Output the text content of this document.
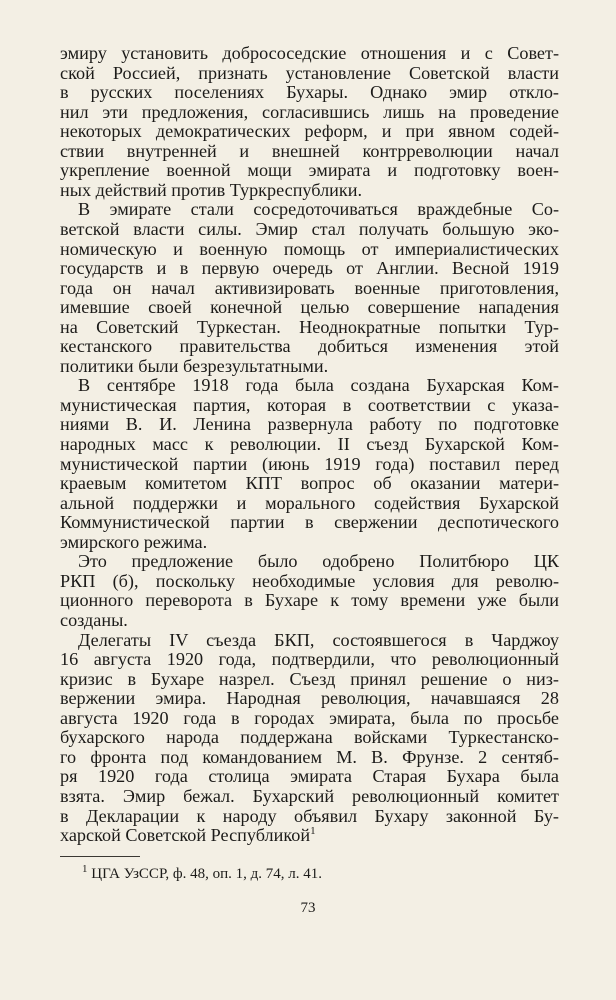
эмиру установить добрососедские отношения и с Совет-
ской Россией, признать установление Советской власти
в русских поселениях Бухары. Однако эмир откло-
нил эти предложения, согласившись лишь на проведение
некоторых демократических реформ, и при явном содей-
ствии внутренней и внешней контрреволюции начал
укрепление военной мощи эмирата и подготовку воен-
ных действий против Туркреспублики.
В эмирате стали сосредоточиваться враждебные Со-
ветской власти силы. Эмир стал получать большую эко-
номическую и военную помощь от империалистических
государств и в первую очередь от Англии. Весной 1919
года он начал активизировать военные приготовления,
имевшие своей конечной целью совершение нападения
на Советский Туркестан. Неоднократные попытки Тур-
кестанского правительства добиться изменения этой
политики были безрезультатными.
В сентябре 1918 года была создана Бухарская Ком-
мунистическая партия, которая в соответствии с указа-
ниями В. И. Ленина развернула работу по подготовке
народных масс к революции. II съезд Бухарской Ком-
мунистической партии (июнь 1919 года) поставил перед
краевым комитетом КПТ вопрос об оказании матери-
альной поддержки и морального содействия Бухарской
Коммунистической партии в свержении деспотического
эмирского режима.
Это предложение было одобрено Политбюро ЦК
РКП (б), поскольку необходимые условия для револю-
ционного переворота в Бухаре к тому времени уже были
созданы.
Делегаты IV съезда БКП, состоявшегося в Чарджоу
16 августа 1920 года, подтвердили, что революционный
кризис в Бухаре назрел. Съезд принял решение о низ-
вержении эмира. Народная революция, начавшаяся 28
августа 1920 года в городах эмирата, была по просьбе
бухарского народа поддержана войсками Туркестанско-
го фронта под командованием М. В. Фрунзе. 2 сентяб-
ря 1920 года столица эмирата Старая Бухара была
взята. Эмир бежал. Бухарский революционный комитет
в Декларации к народу объявил Бухару законной Бу-
харской Советской Республикой$^1$
$^1$ ЦГА УзССР, ф. 48, оп. 1, д. 74, л. 41.
73
